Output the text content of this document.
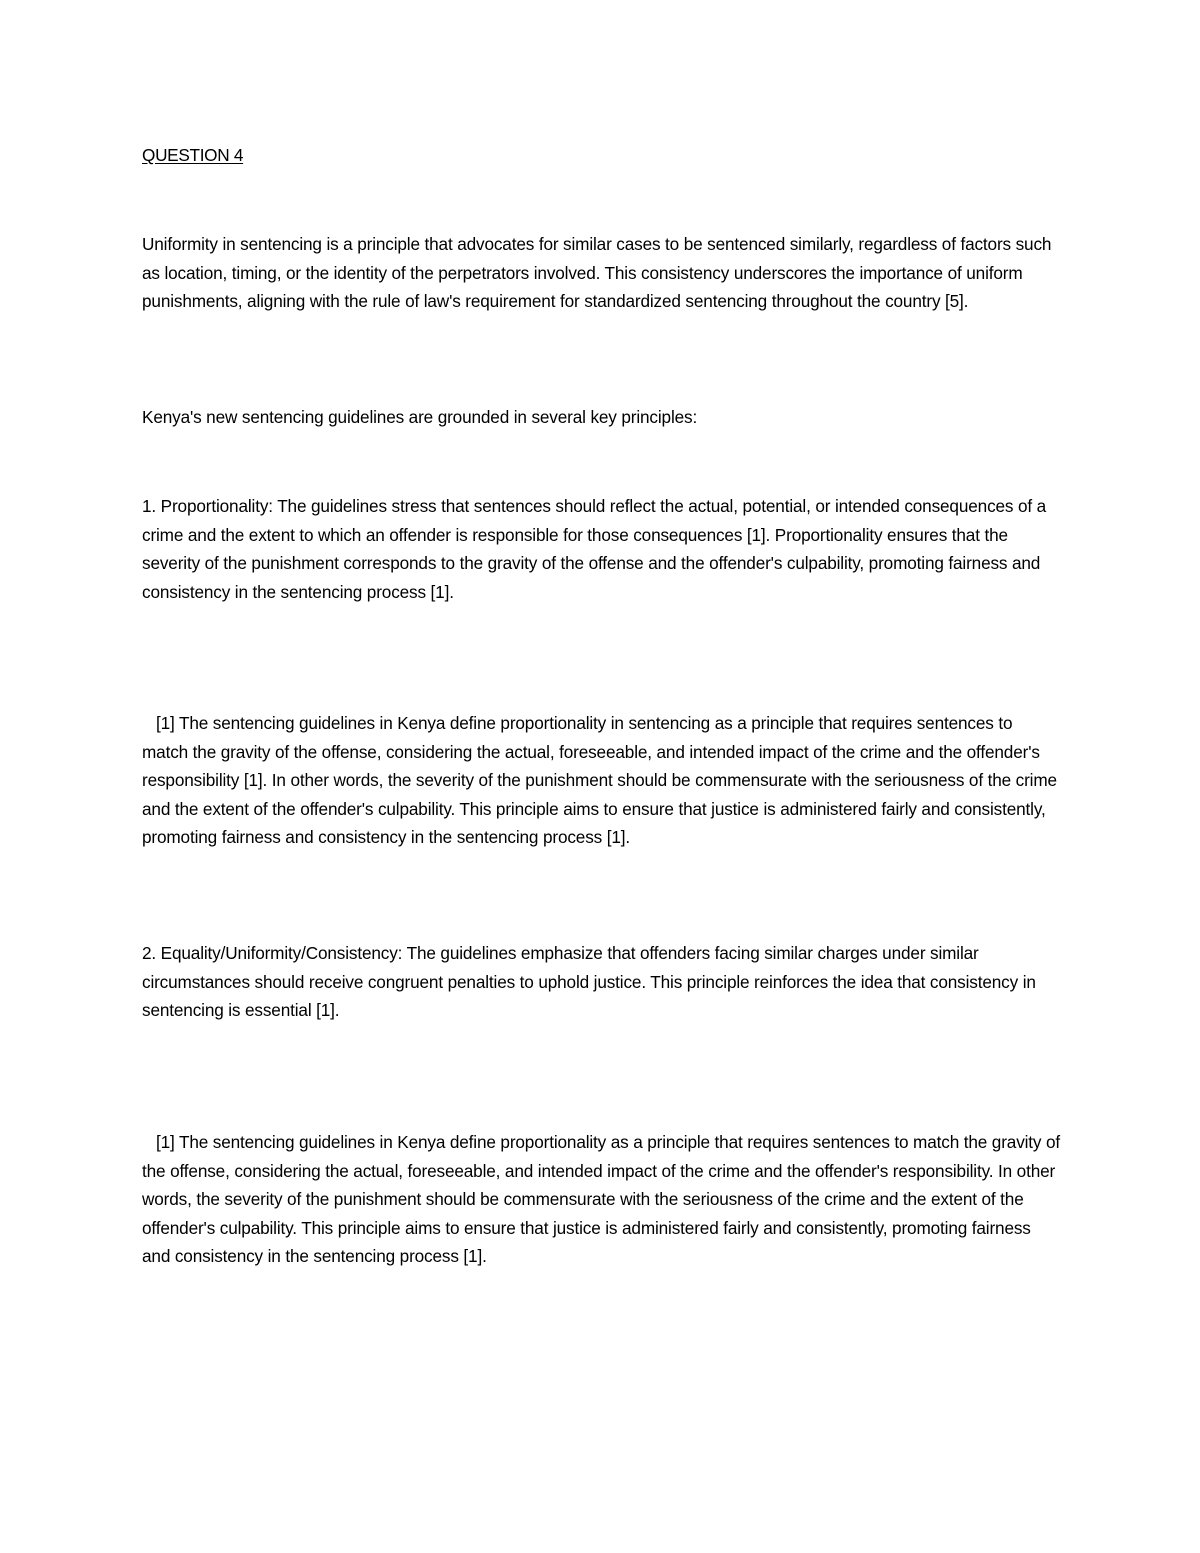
QUESTION 4
Uniformity in sentencing is a principle that advocates for similar cases to be sentenced similarly, regardless of factors such as location, timing, or the identity of the perpetrators involved. This consistency underscores the importance of uniform punishments, aligning with the rule of law's requirement for standardized sentencing throughout the country [5].
Kenya's new sentencing guidelines are grounded in several key principles:
1. Proportionality: The guidelines stress that sentences should reflect the actual, potential, or intended consequences of a crime and the extent to which an offender is responsible for those consequences [1]. Proportionality ensures that the severity of the punishment corresponds to the gravity of the offense and the offender's culpability, promoting fairness and consistency in the sentencing process [1].
[1] The sentencing guidelines in Kenya define proportionality in sentencing as a principle that requires sentences to match the gravity of the offense, considering the actual, foreseeable, and intended impact of the crime and the offender's responsibility [1]. In other words, the severity of the punishment should be commensurate with the seriousness of the crime and the extent of the offender's culpability. This principle aims to ensure that justice is administered fairly and consistently, promoting fairness and consistency in the sentencing process [1].
2. Equality/Uniformity/Consistency: The guidelines emphasize that offenders facing similar charges under similar circumstances should receive congruent penalties to uphold justice. This principle reinforces the idea that consistency in sentencing is essential [1].
[1] The sentencing guidelines in Kenya define proportionality as a principle that requires sentences to match the gravity of the offense, considering the actual, foreseeable, and intended impact of the crime and the offender's responsibility. In other words, the severity of the punishment should be commensurate with the seriousness of the crime and the extent of the offender's culpability. This principle aims to ensure that justice is administered fairly and consistently, promoting fairness and consistency in the sentencing process [1].
